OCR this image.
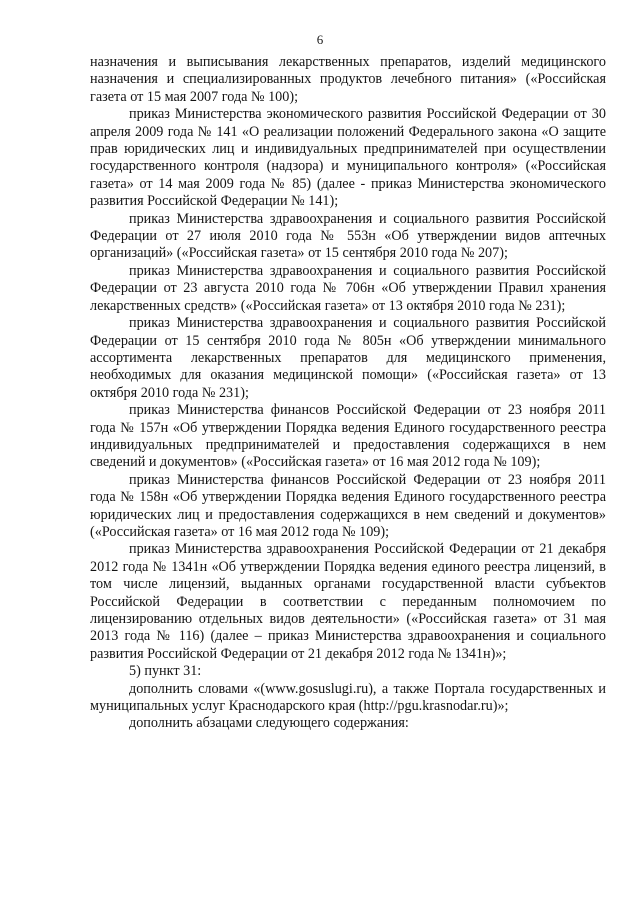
6

назначения и выписывания лекарственных препаратов, изделий медицинского назначения и специализированных продуктов лечебного питания» («Российская газета от 15 мая 2007 года № 100);

приказ Министерства экономического развития Российской Федерации от 30 апреля 2009 года № 141 «О реализации положений Федерального закона «О защите прав юридических лиц и индивидуальных предпринимателей при осуществлении государственного контроля (надзора) и муниципального контроля» («Российская газета» от 14 мая 2009 года № 85) (далее - приказ Министерства экономического развития Российской Федерации № 141);

приказ Министерства здравоохранения и социального развития Российской Федерации от 27 июля 2010 года № 553н «Об утверждении видов аптечных организаций» («Российская газета» от 15 сентября 2010 года № 207);

приказ Министерства здравоохранения и социального развития Российской Федерации от 23 августа 2010 года № 706н «Об утверждении Правил хранения лекарственных средств» («Российская газета» от 13 октября 2010 года № 231);

приказ Министерства здравоохранения и социального развития Российской Федерации от 15 сентября 2010 года № 805н «Об утверждении минимального ассортимента лекарственных препаратов для медицинского применения, необходимых для оказания медицинской помощи» («Российская газета» от 13 октября 2010 года № 231);

приказ Министерства финансов Российской Федерации от 23 ноября 2011 года № 157н «Об утверждении Порядка ведения Единого государственного реестра индивидуальных предпринимателей и предоставления содержащихся в нем сведений и документов» («Российская газета» от 16 мая 2012 года № 109);

приказ Министерства финансов Российской Федерации от 23 ноября 2011 года № 158н «Об утверждении Порядка ведения Единого государственного реестра юридических лиц и предоставления содержащихся в нем сведений и документов» («Российская газета» от 16 мая 2012 года № 109);

приказ Министерства здравоохранения Российской Федерации от 21 декабря 2012 года № 1341н «Об утверждении Порядка ведения единого реестра лицензий, в том числе лицензий, выданных органами государственной власти субъектов Российской Федерации в соответствии с переданным полномочием по лицензированию отдельных видов деятельности» («Российская газета» от 31 мая 2013 года № 116) (далее – приказ Министерства здравоохранения и социального развития Российской Федерации от 21 декабря 2012 года № 1341н)»;

5) пункт 31:

дополнить словами «(www.gosuslugi.ru), а также Портала государственных и муниципальных услуг Краснодарского края (http://pgu.krasnodar.ru)»;

дополнить абзацами следующего содержания:
